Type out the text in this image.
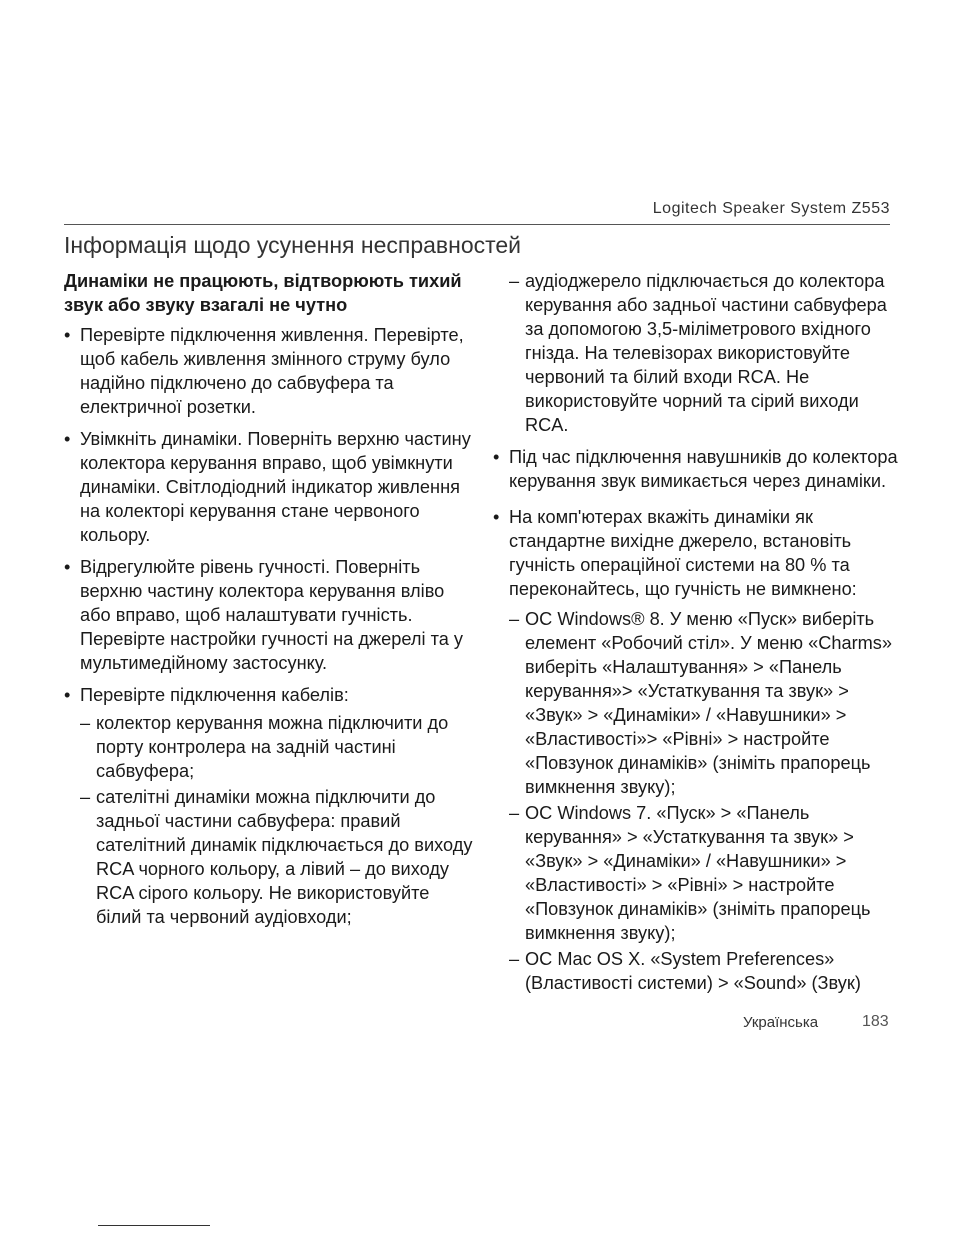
Logitech Speaker System Z553
Інформація щодо усунення несправностей

Динаміки не працюють, відтворюють тихий звук або звуку взагалі не чутно

• Перевірте підключення живлення. Перевірте, щоб кабель живлення змінного струму було надійно підключено до сабвуфера та електричної розетки.

• Увімкніть динаміки. Поверніть верхню частину колектора керування вправо, щоб увімкнути динаміки. Світлодіодний індикатор живлення на колекторі керування стане червоного кольору.

• Відрегулюйте рівень гучності. Поверніть верхню частину колектора керування вліво або вправо, щоб налаштувати гучність. Перевірте настройки гучності на джерелі та у мультимедійному застосунку.

• Перевірте підключення кабелів:

– колектор керування можна підключити до порту контролера на задній частині сабвуфера;

– сателітні динаміки можна підключити до задньої частини сабвуфера: правий сателітний динамік підключається до виходу RCA чорного кольору, а лівий – до виходу RCA сірого кольору. Не використовуйте білий та червоний аудіовходи;

– аудіоджерело підключається до колектора керування або задньої частини сабвуфера за допомогою 3,5-міліметрового вхідного гнізда. На телевізорах використовуйте червоний та білий входи RCA. Не використовуйте чорний та сірий виходи RCA.

• Під час підключення навушників до колектора керування звук вимикається через динаміки.

• На комп'ютерах вкажіть динаміки як стандартне вихідне джерело, встановіть гучність операційної системи на 80 % та переконайтесь, що гучність не вимкнено:

– ОС Windows® 8. У меню «Пуск» виберіть елемент «Робочий стіл». У меню «Charms» виберіть «Налаштування» > «Панель керування»> «Устаткування та звук» > «Звук» > «Динаміки» / «Навушники» > «Властивості»> «Рівні» > настройте «Повзунок динаміків» (зніміть прапорець вимкнення звуку);

– ОС Windows 7. «Пуск» > «Панель керування» > «Устаткування та звук» > «Звук» > «Динаміки» / «Навушники» > «Властивості» > «Рівні» > настройте «Повзунок динаміків» (зніміть прапорець вимкнення звуку);

– ОС Mac OS X. «System Preferences» (Властивості системи) > «Sound» (Звук)

Українська	183
